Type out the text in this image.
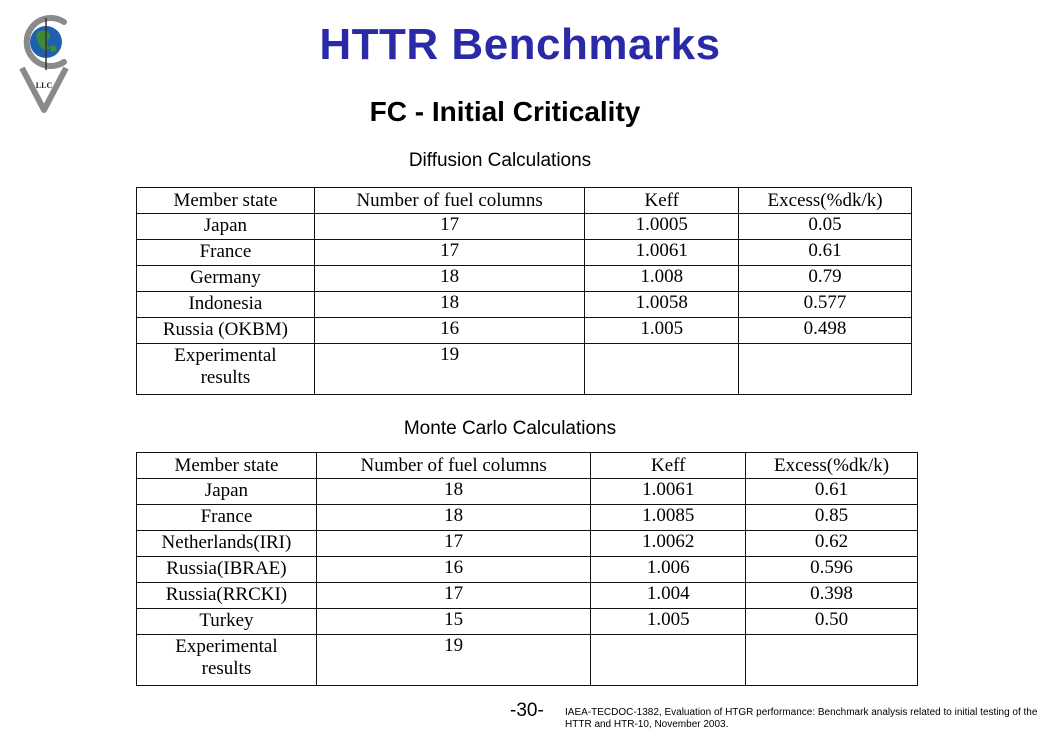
LLC
HTTR Benchmarks
FC - Initial Criticality
Diffusion Calculations
Member state	Number of fuel columns	Keff	Excess(%dk/k)
Japan	17	1.0005	0.05
France	17	1.0061	0.61
Germany	18	1.008	0.79
Indonesia	18	1.0058	0.577
Russia (OKBM)	16	1.005	0.498
Experimental
results	19		
Monte Carlo Calculations
Member state	Number of fuel columns	Keff	Excess(%dk/k)
Japan	18	1.0061	0.61
France	18	1.0085	0.85
Netherlands(IRI)	17	1.0062	0.62
Russia(IBRAE)	16	1.006	0.596
Russia(RRCKI)	17	1.004	0.398
Turkey	15	1.005	0.50
Experimental
results	19		
-30- IAEA-TECDOC-1382, Evaluation of HTGR performance: Benchmark analysis related to initial testing of the HTTR and HTR-10, November 2003.
